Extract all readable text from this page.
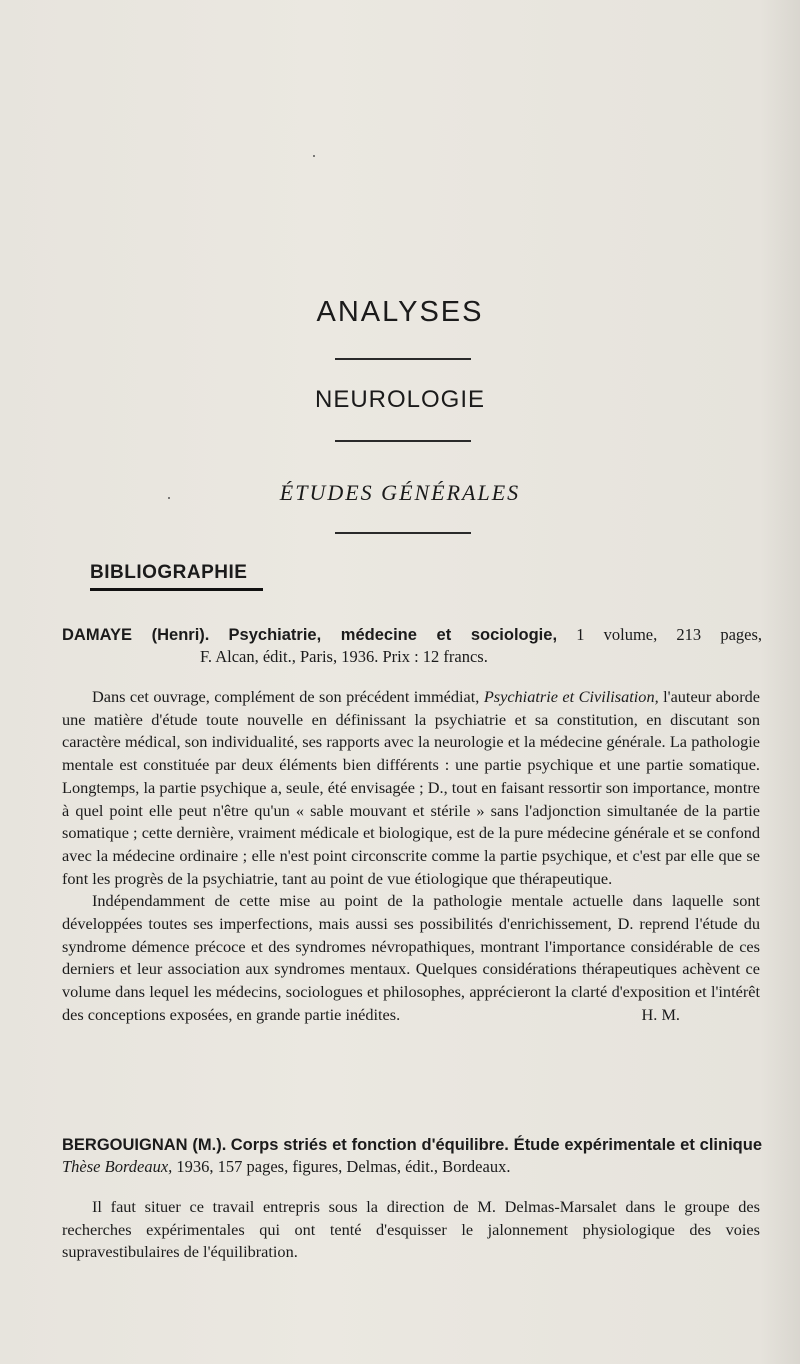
ANALYSES
NEUROLOGIE
ÉTUDES GÉNÉRALES
BIBLIOGRAPHIE
DAMAYE (Henri). Psychiatrie, médecine et sociologie, 1 volume, 213 pages,
F. Alcan, édit., Paris, 1936. Prix : 12 francs.

Dans cet ouvrage, complément de son précédent immédiat, Psychiatrie et Civilisation, l'auteur aborde une matière d'étude toute nouvelle en définissant la psychiatrie et sa constitution, en discutant son caractère médical, son individualité, ses rapports avec la neurologie et la médecine générale. La pathologie mentale est constituée par deux éléments bien différents : une partie psychique et une partie somatique. Longtemps, la partie psychique a, seule, été envisagée ; D., tout en faisant ressortir son importance, montre à quel point elle peut n'être qu'un « sable mouvant et stérile » sans l'adjonction simultanée de la partie somatique ; cette dernière, vraiment médicale et biologique, est de la pure médecine générale et se confond avec la médecine ordinaire ; elle n'est point circonscrite comme la partie psychique, et c'est par elle que se font les progrès de la psychiatrie, tant au point de vue étiologique que thérapeutique.

Indépendamment de cette mise au point de la pathologie mentale actuelle dans laquelle sont développées toutes ses imperfections, mais aussi ses possibilités d'enrichissement, D. reprend l'étude du syndrome démence précoce et des syndromes névropathiques, montrant l'importance considérable de ces derniers et leur association aux syndromes mentaux. Quelques considérations thérapeutiques achèvent ce volume dans lequel les médecins, sociologues et philosophes, apprécieront la clarté d'exposition et l'intérêt des conceptions exposées, en grande partie inédites.	H. M.

BERGOUIGNAN (M.). Corps striés et fonction d'équilibre. Étude expérimentale et clinique Thèse Bordeaux, 1936, 157 pages, figures, Delmas, édit., Bordeaux.

Il faut situer ce travail entrepris sous la direction de M. Delmas-Marsalet dans le groupe des recherches expérimentales qui ont tenté d'esquisser le jalonnement physiologique des voies supravestibulaires de l'équilibration.
